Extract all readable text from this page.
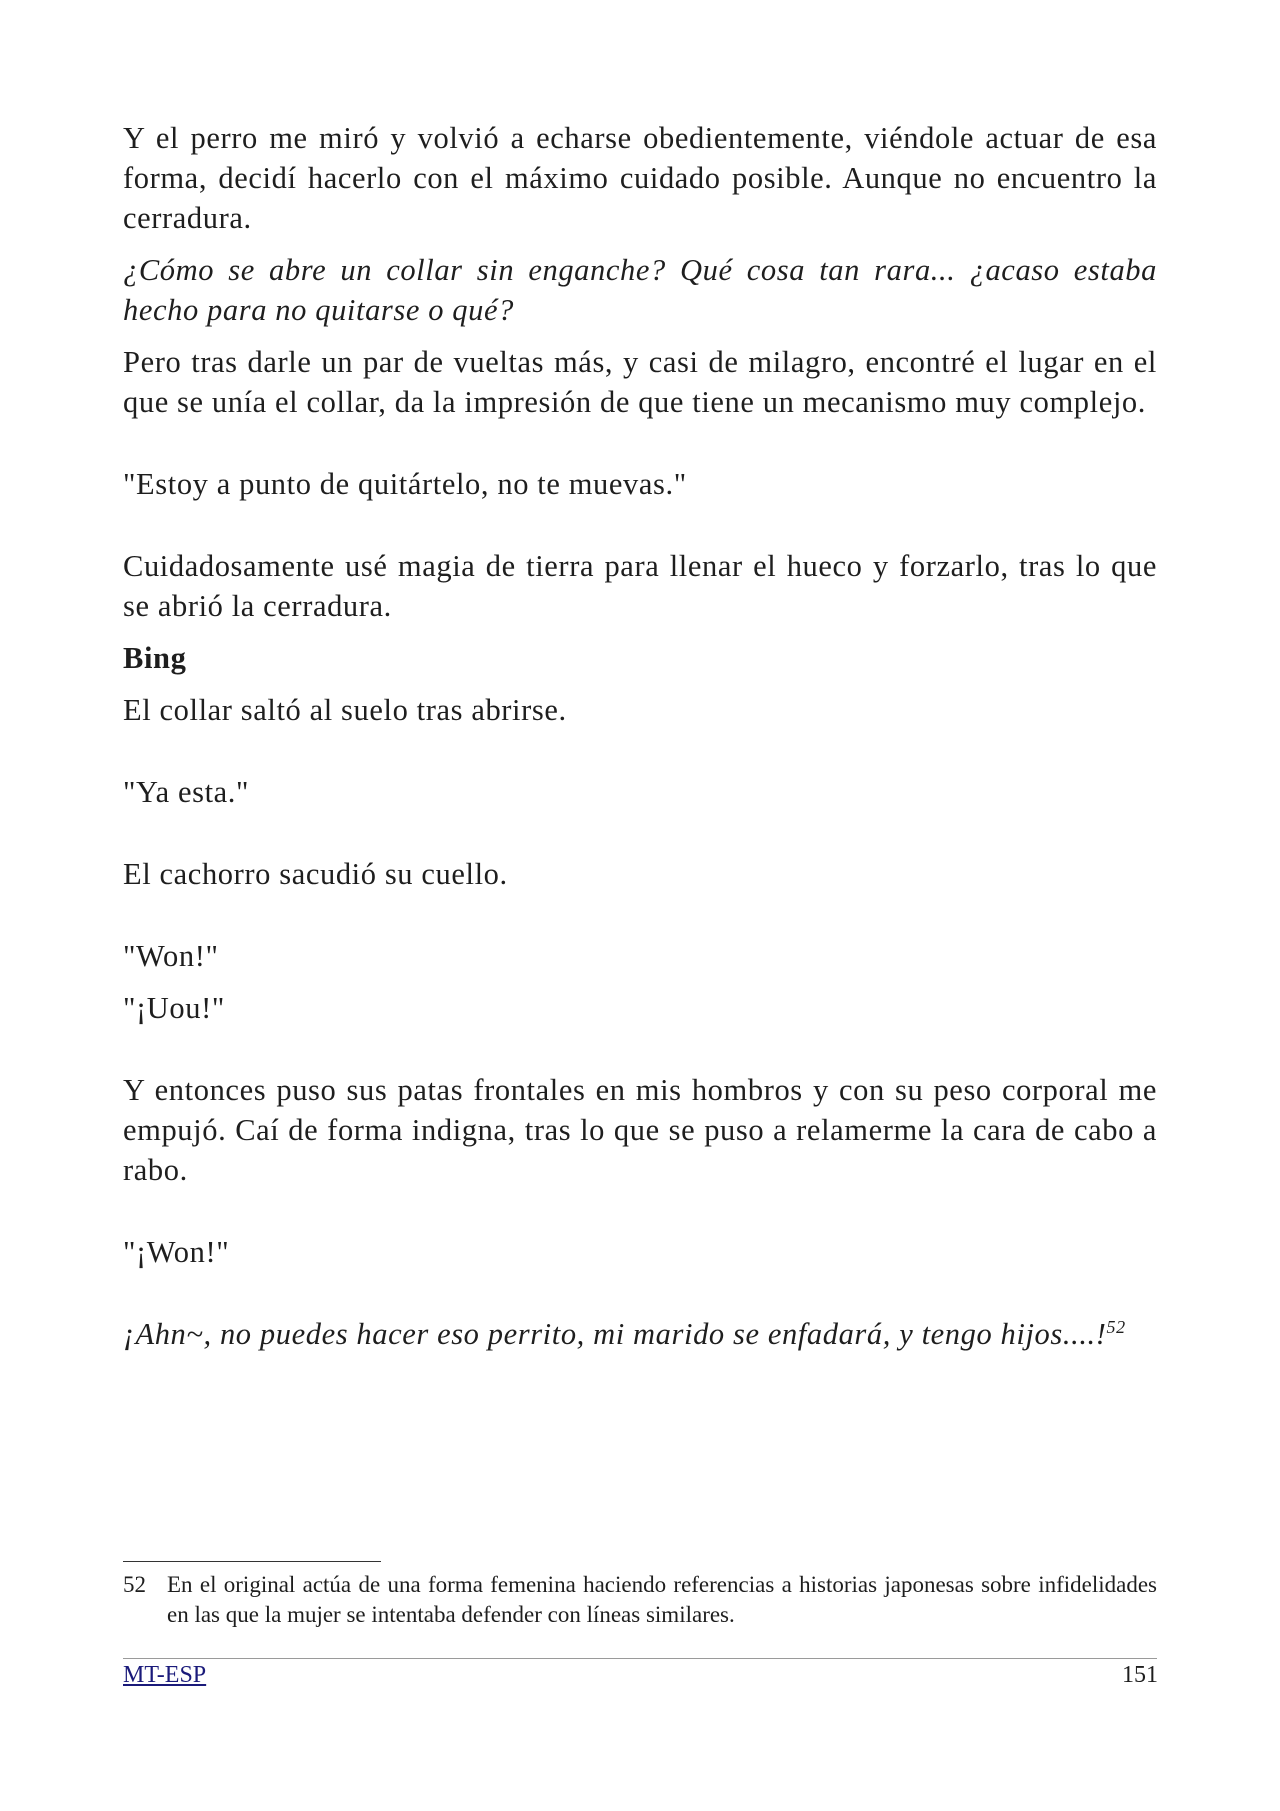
Y el perro me miró y volvió a echarse obedientemente, viéndole actuar de esa forma, decidí hacerlo con el máximo cuidado posible. Aunque no encuentro la cerradura.

¿Cómo se abre un collar sin enganche? Qué cosa tan rara... ¿acaso estaba hecho para no quitarse o qué?

Pero tras darle un par de vueltas más, y casi de milagro, encontré el lugar en el que se unía el collar, da la impresión de que tiene un mecanismo muy complejo.

"Estoy a punto de quitártelo, no te muevas."

Cuidadosamente usé magia de tierra para llenar el hueco y forzarlo, tras lo que se abrió la cerradura.

Bing

El collar saltó al suelo tras abrirse.

"Ya esta."

El cachorro sacudió su cuello.

"Won!"

"¡Uou!"

Y entonces puso sus patas frontales en mis hombros y con su peso corporal me empujó. Caí de forma indigna, tras lo que se puso a relamerme la cara de cabo a rabo.

"¡Won!"

¡Ahn~, no puedes hacer eso perrito, mi marido se enfadará, y tengo hijos....!$^{52}$

52 En el original actúa de una forma femenina haciendo referencias a historias japonesas sobre infidelidades en las que la mujer se intentaba defender con líneas similares.
MT-ESP	151
